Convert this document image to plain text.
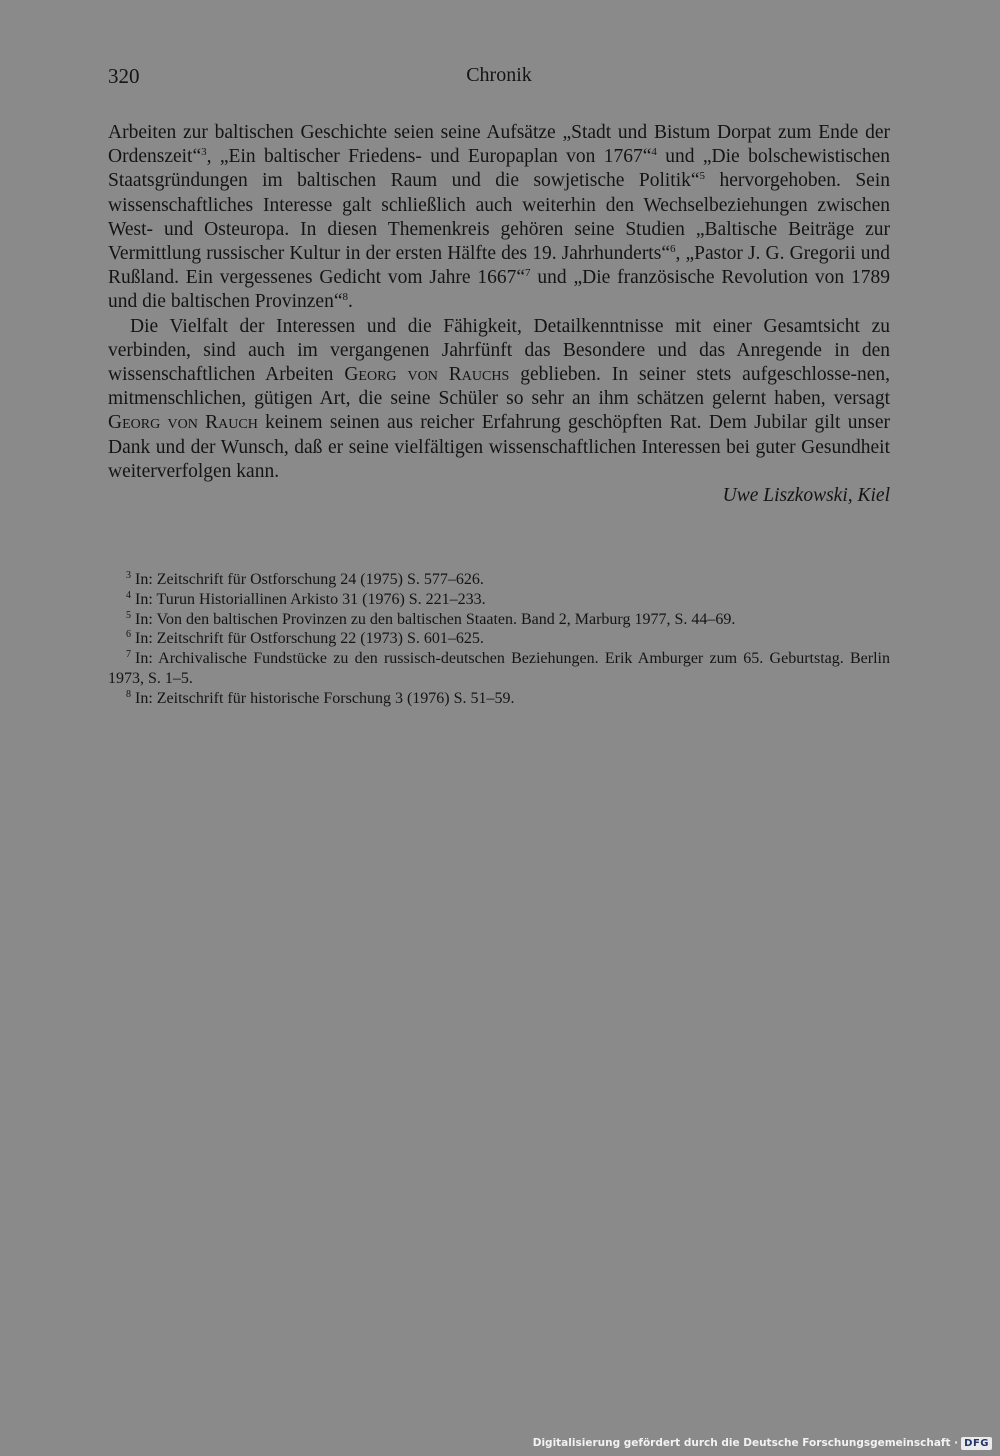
320	Chronik

Arbeiten zur baltischen Geschichte seien seine Aufsätze „Stadt und Bistum Dorpat zum Ende der Ordenszeit“$^3$, „Ein baltischer Friedens- und Europaplan von 1767“$^4$ und „Die bolschewistischen Staatsgründungen im baltischen Raum und die sowjetische Politik“$^5$ hervorgehoben. Sein wissenschaftliches Interesse galt schließlich auch weiterhin den Wechselbeziehungen zwischen West- und Osteuropa. In diesen Themenkreis gehören seine Studien „Baltische Beiträge zur Vermittlung russischer Kultur in der ersten Hälfte des 19. Jahrhunderts“$^6$, „Pastor J. G. Gregorii und Rußland. Ein vergessenes Gedicht vom Jahre 1667“$^7$ und „Die französische Revolution von 1789 und die baltischen Provinzen“$^8$.

Die Vielfalt der Interessen und die Fähigkeit, Detailkenntnisse mit einer Gesamtsicht zu verbinden, sind auch im vergangenen Jahrfünft das Besondere und das Anregende in den wissenschaftlichen Arbeiten Georg von Rauchs geblieben. In seiner stets aufgeschlosse-nen, mitmenschlichen, gütigen Art, die seine Schüler so sehr an ihm schätzen gelernt haben, versagt Georg von Rauch keinem seinen aus reicher Erfahrung geschöpften Rat. Dem Jubilar gilt unser Dank und der Wunsch, daß er seine vielfältigen wissenschaftlichen Interessen bei guter Gesundheit weiterverfolgen kann.

Uwe Liszkowski, Kiel
$^3$ In: Zeitschrift für Ostforschung 24 (1975) S. 577–626.
$^4$ In: Turun Historiallinen Arkisto 31 (1976) S. 221–233.
$^5$ In: Von den baltischen Provinzen zu den baltischen Staaten. Band 2, Marburg 1977, S. 44–69.
$^6$ In: Zeitschrift für Ostforschung 22 (1973) S. 601–625.
$^7$ In: Archivalische Fundstücke zu den russisch-deutschen Beziehungen. Erik Amburger zum 65. Geburtstag. Berlin 1973, S. 1–5.
$^8$ In: Zeitschrift für historische Forschung 3 (1976) S. 51–59.
Digitalisierung gefördert durch die Deutsche Forschungsgemeinschaft · DFG
